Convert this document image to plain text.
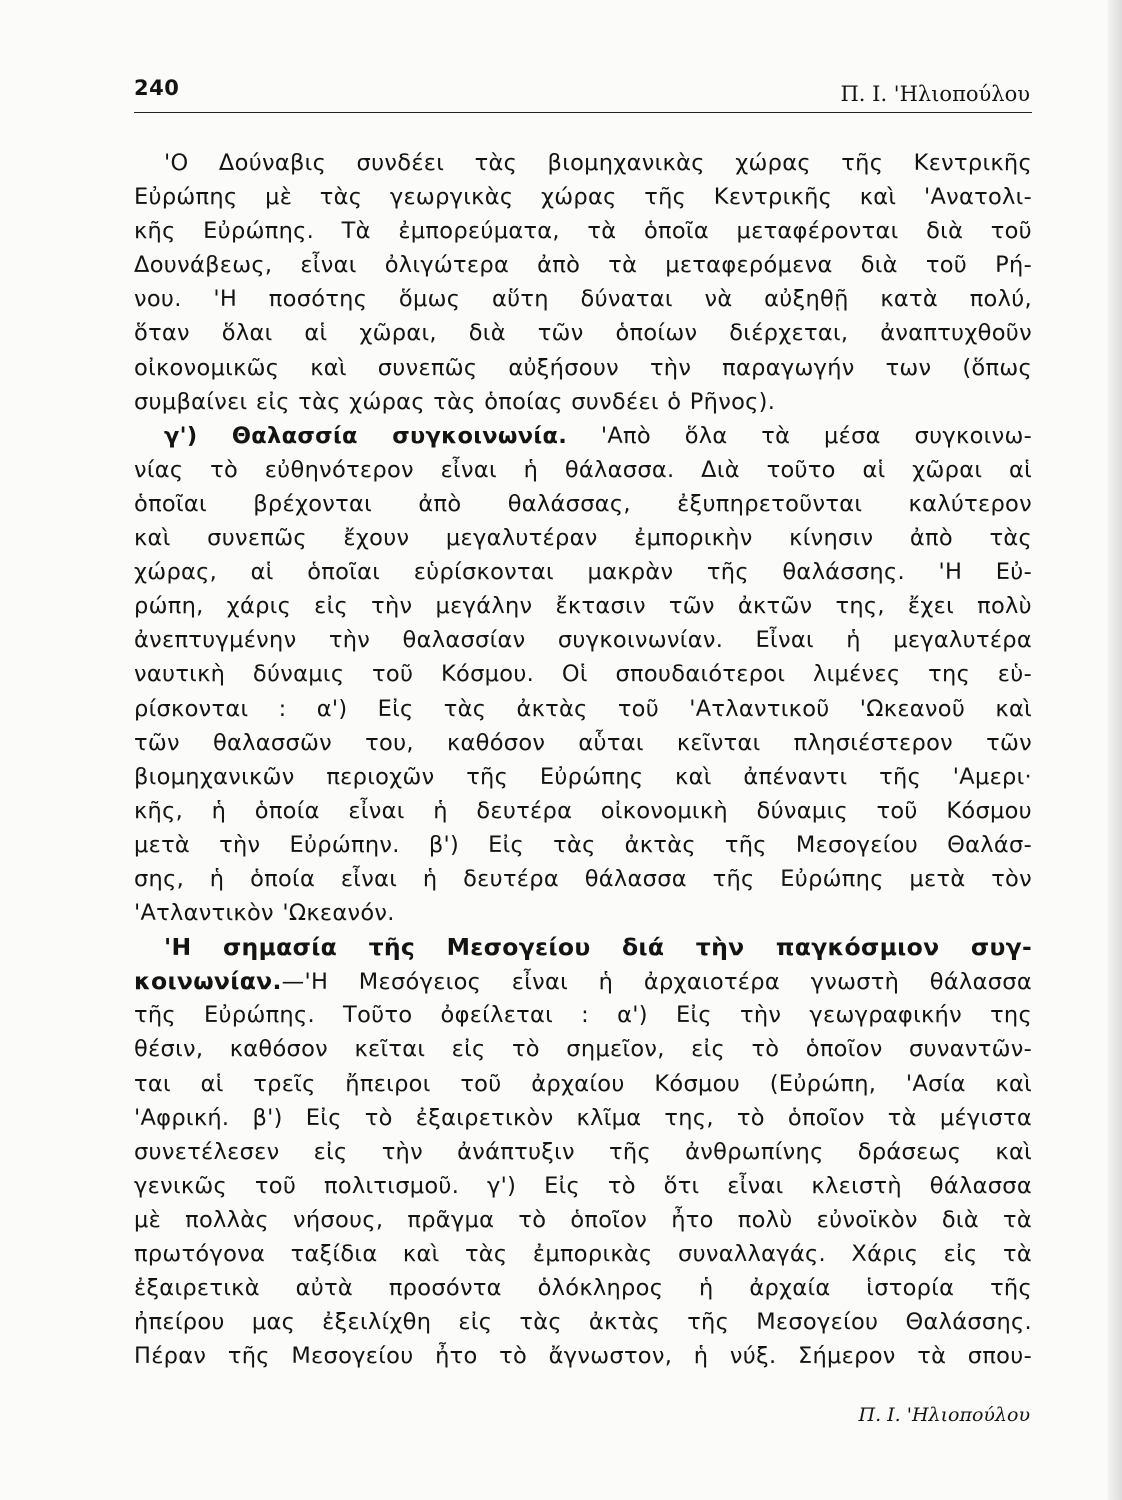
240	Π. Ι. 'Ηλιοπούλου
'Ο Δούναβις συνδέει τὰς βιομηχανικὰς χώρας τῆς Κεντρικῆς
Εὐρώπης μὲ τὰς γεωργικὰς χώρας τῆς Κεντρικῆς καὶ 'Ανατολι-
κῆς Εὐρώπης. Τὰ ἐμπορεύματα, τὰ ὁποῖα μεταφέρονται διὰ τοῦ
Δουνάβεως, εἶναι ὀλιγώτερα ἀπὸ τὰ μεταφερόμενα διὰ τοῦ Ρή-
νου. 'Η ποσότης ὅμως αὕτη δύναται νὰ αὐξηθῇ κατὰ πολύ,
ὅταν ὅλαι αἱ χῶραι, διὰ τῶν ὁποίων διέρχεται, ἀναπτυχθοῦν
οἰκονομικῶς καὶ συνεπῶς αὐξήσουν τὴν παραγωγήν των (ὅπως
συμβαίνει εἰς τὰς χώρας τὰς ὁποίας συνδέει ὁ Ρῆνος).
γ') Θαλασσία συγκοινωνία. 'Απὸ ὅλα τὰ μέσα συγκοινω-
νίας τὸ εὐθηνότερον εἶναι ἡ θάλασσα. Διὰ τοῦτο αἱ χῶραι αἱ
ὁποῖαι βρέχονται ἀπὸ θαλάσσας, ἐξυπηρετοῦνται καλύτερον
καὶ συνεπῶς ἔχουν μεγαλυτέραν ἐμπορικὴν κίνησιν ἀπὸ τὰς
χώρας, αἱ ὁποῖαι εὑρίσκονται μακρὰν τῆς θαλάσσης. 'Η Εὐ-
ρώπη, χάρις εἰς τὴν μεγάλην ἔκτασιν τῶν ἀκτῶν της, ἔχει πολὺ
ἀνεπτυγμένην τὴν θαλασσίαν συγκοινωνίαν. Εἶναι ἡ μεγαλυτέρα
ναυτικὴ δύναμις τοῦ Κόσμου. Οἱ σπουδαιότεροι λιμένες της εὑ-
ρίσκονται : α') Εἰς τὰς ἀκτὰς τοῦ 'Ατλαντικοῦ 'Ωκεανοῦ καὶ
τῶν θαλασσῶν του, καθόσον αὗται κεῖνται πλησιέστερον τῶν
βιομηχανικῶν περιοχῶν τῆς Εὐρώπης καὶ ἀπέναντι τῆς 'Αμερι·
κῆς, ἡ ὁποία εἶναι ἡ δευτέρα οἰκονομικὴ δύναμις τοῦ Κόσμου
μετὰ τὴν Εὐρώπην. β') Εἰς τὰς ἀκτὰς τῆς Μεσογείου Θαλάσ-
σης, ἡ ὁποία εἶναι ἡ δευτέρα θάλασσα τῆς Εὐρώπης μετὰ τὸν
'Ατλαντικὸν 'Ωκεανόν.
'Η σημασία τῆς Μεσογείου διά τὴν παγκόσμιον συγ-
κοινωνίαν.—'Η Μεσόγειος εἶναι ἡ ἀρχαιοτέρα γνωστὴ θάλασσα
τῆς Εὐρώπης. Τοῦτο ὀφείλεται : α') Εἰς τὴν γεωγραφικήν της
θέσιν, καθόσον κεῖται εἰς τὸ σημεῖον, εἰς τὸ ὁποῖον συναντῶν-
ται αἱ τρεῖς ἤπειροι τοῦ ἀρχαίου Κόσμου (Εὐρώπη, 'Ασία καὶ
'Αφρική. β') Εἰς τὸ ἐξαιρετικὸν κλῖμα της, τὸ ὁποῖον τὰ μέγιστα
συνετέλεσεν εἰς τὴν ἀνάπτυξιν τῆς ἀνθρωπίνης δράσεως καὶ
γενικῶς τοῦ πολιτισμοῦ. γ') Εἰς τὸ ὅτι εἶναι κλειστὴ θάλασσα
μὲ πολλὰς νήσους, πρᾶγμα τὸ ὁποῖον ἦτο πολὺ εὐνοϊκὸν διὰ τὰ
πρωτόγονα ταξίδια καὶ τὰς ἐμπορικὰς συναλλαγάς. Χάρις εἰς τὰ
ἐξαιρετικὰ αὐτὰ προσόντα ὁλόκληρος ἡ ἀρχαία ἱστορία τῆς
ἠπείρου μας ἐξειλίχθη εἰς τὰς ἀκτὰς τῆς Μεσογείου Θαλάσσης.
Πέραν τῆς Μεσογείου ἦτο τὸ ἄγνωστον, ἡ νύξ. Σήμερον τὰ σπου-
Π. Ι. 'Ηλιοπούλου
